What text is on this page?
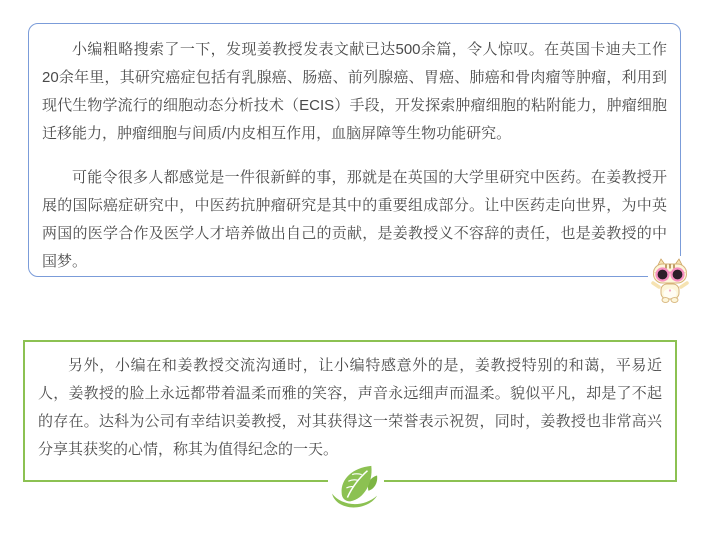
小编粗略搜索了一下，发现姜教授发表文献已达500余篇，令人惊叹。在英国卡迪夫工作20余年里，其研究癌症包括有乳腺癌、肠癌、前列腺癌、胃癌、肺癌和骨肉瘤等肿瘤，利用到现代生物学流行的细胞动态分析技术（ECIS）手段，开发探索肿瘤细胞的粘附能力，肿瘤细胞迁移能力，肿瘤细胞与间质/内皮相互作用，血脑屏障等生物功能研究。

可能令很多人都感觉是一件很新鲜的事，那就是在英国的大学里研究中医药。在姜教授开展的国际癌症研究中，中医药抗肿瘤研究是其中的重要组成部分。让中医药走向世界，为中英两国的医学合作及医学人才培养做出自己的贡献，是姜教授义不容辞的责任，也是姜教授的中国梦。

另外，小编在和姜教授交流沟通时，让小编特感意外的是，姜教授特别的和蔼，平易近人，姜教授的脸上永远都带着温柔而雅的笑容，声音永远细声而温柔。貌似平凡，却是了不起的存在。达科为公司有幸结识姜教授，对其获得这一荣誉表示祝贺，同时，姜教授也非常高兴分享其获奖的心情，称其为值得纪念的一天。
